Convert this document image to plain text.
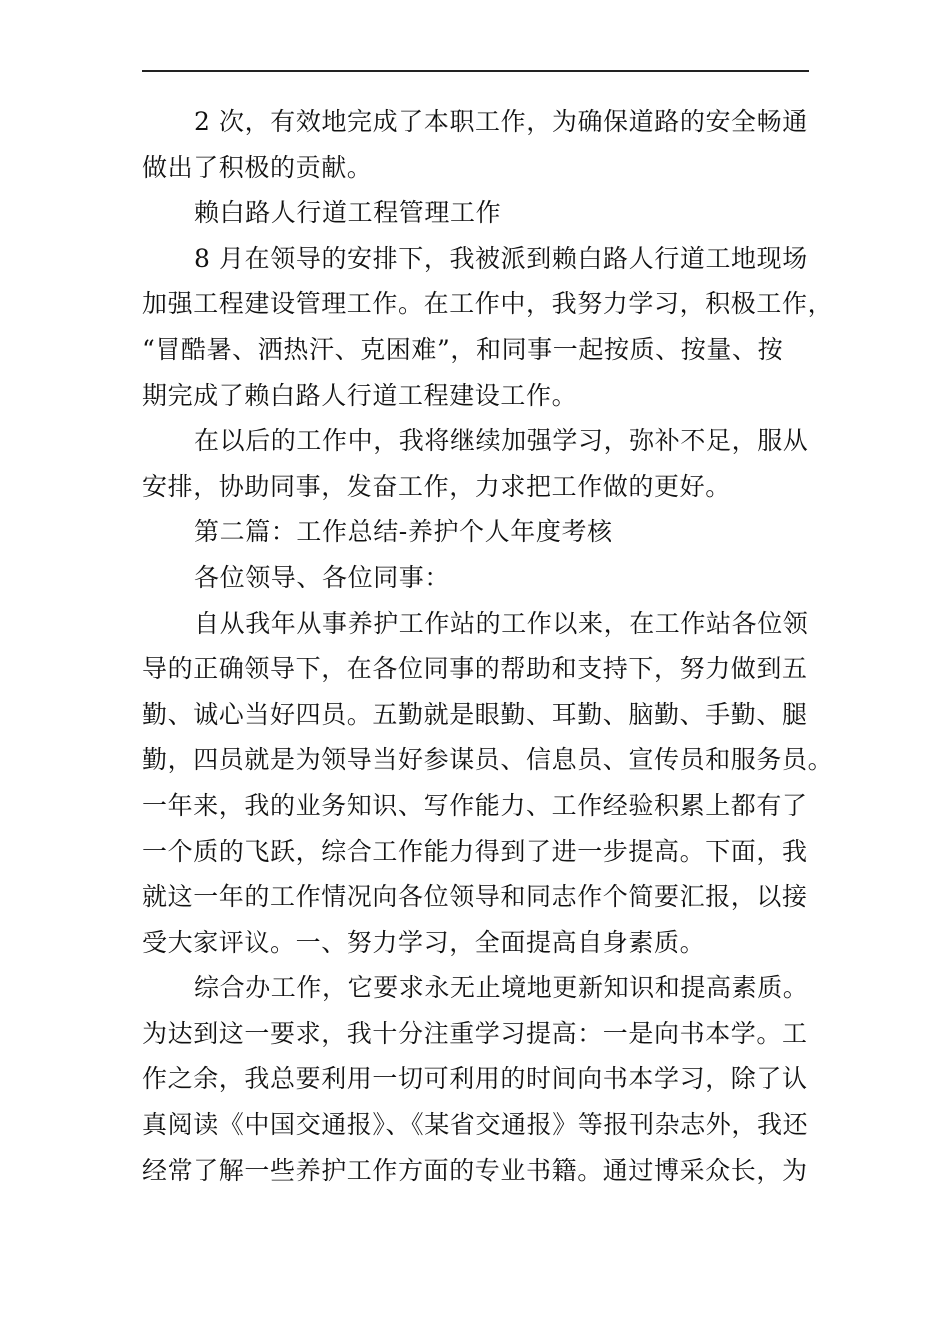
2 次，有效地完成了本职工作，为确保道路的安全畅通
做出了积极的贡献。
赖白路人行道工程管理工作
8 月在领导的安排下，我被派到赖白路人行道工地现场
加强工程建设管理工作。在工作中，我努力学习，积极工作，
“冒酷暑、洒热汗、克困难”，和同事一起按质、按量、按
期完成了赖白路人行道工程建设工作。
在以后的工作中，我将继续加强学习，弥补不足，服从
安排，协助同事，发奋工作，力求把工作做的更好。
第二篇：工作总结-养护个人年度考核
各位领导、各位同事：
自从我年从事养护工作站的工作以来，在工作站各位领
导的正确领导下，在各位同事的帮助和支持下，努力做到五
勤、诚心当好四员。五勤就是眼勤、耳勤、脑勤、手勤、腿
勤，四员就是为领导当好参谋员、信息员、宣传员和服务员。
一年来，我的业务知识、写作能力、工作经验积累上都有了
一个质的飞跃，综合工作能力得到了进一步提高。下面，我
就这一年的工作情况向各位领导和同志作个简要汇报，以接
受大家评议。一、努力学习，全面提高自身素质。
综合办工作，它要求永无止境地更新知识和提高素质。
为达到这一要求，我十分注重学习提高：一是向书本学。工
作之余，我总要利用一切可利用的时间向书本学习，除了认
真阅读《中国交通报》、《某省交通报》等报刊杂志外，我还
经常了解一些养护工作方面的专业书籍。通过博采众长，为
